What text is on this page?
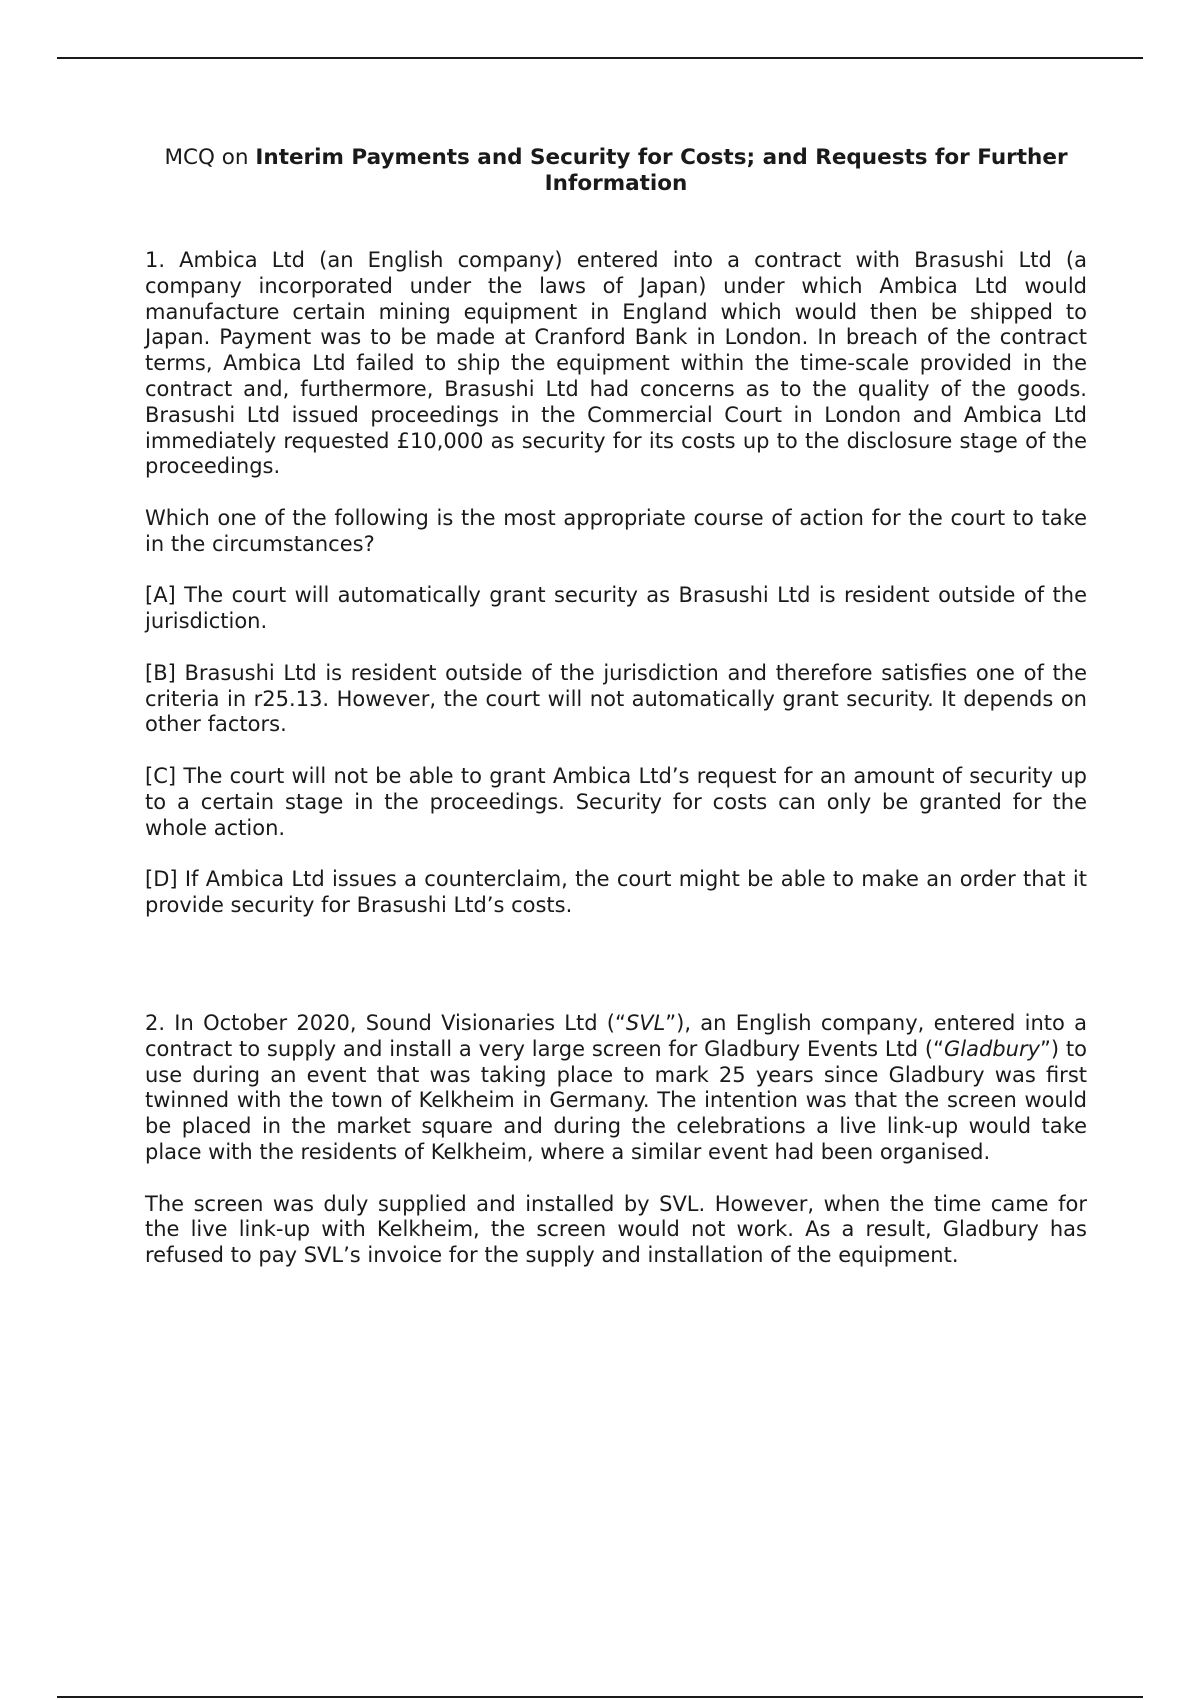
MCQ on Interim Payments and Security for Costs; and Requests for Further Information

1. Ambica Ltd (an English company) entered into a contract with Brasushi Ltd (a company incorporated under the laws of Japan) under which Ambica Ltd would manufacture certain mining equipment in England which would then be shipped to Japan. Payment was to be made at Cranford Bank in London. In breach of the contract terms, Ambica Ltd failed to ship the equipment within the time-scale provided in the contract and, furthermore, Brasushi Ltd had concerns as to the quality of the goods. Brasushi Ltd issued proceedings in the Commercial Court in London and Ambica Ltd immediately requested £10,000 as security for its costs up to the disclosure stage of the proceedings.

Which one of the following is the most appropriate course of action for the court to take in the circumstances?

[A] The court will automatically grant security as Brasushi Ltd is resident outside of the jurisdiction.

[B] Brasushi Ltd is resident outside of the jurisdiction and therefore satisfies one of the criteria in r25.13. However, the court will not automatically grant security. It depends on other factors.

[C] The court will not be able to grant Ambica Ltd’s request for an amount of security up to a certain stage in the proceedings. Security for costs can only be granted for the whole action.

[D] If Ambica Ltd issues a counterclaim, the court might be able to make an order that it provide security for Brasushi Ltd’s costs.

2. In October 2020, Sound Visionaries Ltd (“SVL”), an English company, entered into a contract to supply and install a very large screen for Gladbury Events Ltd (“Gladbury”) to use during an event that was taking place to mark 25 years since Gladbury was first twinned with the town of Kelkheim in Germany. The intention was that the screen would be placed in the market square and during the celebrations a live link-up would take place with the residents of Kelkheim, where a similar event had been organised.

The screen was duly supplied and installed by SVL. However, when the time came for the live link-up with Kelkheim, the screen would not work. As a result, Gladbury has refused to pay SVL’s invoice for the supply and installation of the equipment.
